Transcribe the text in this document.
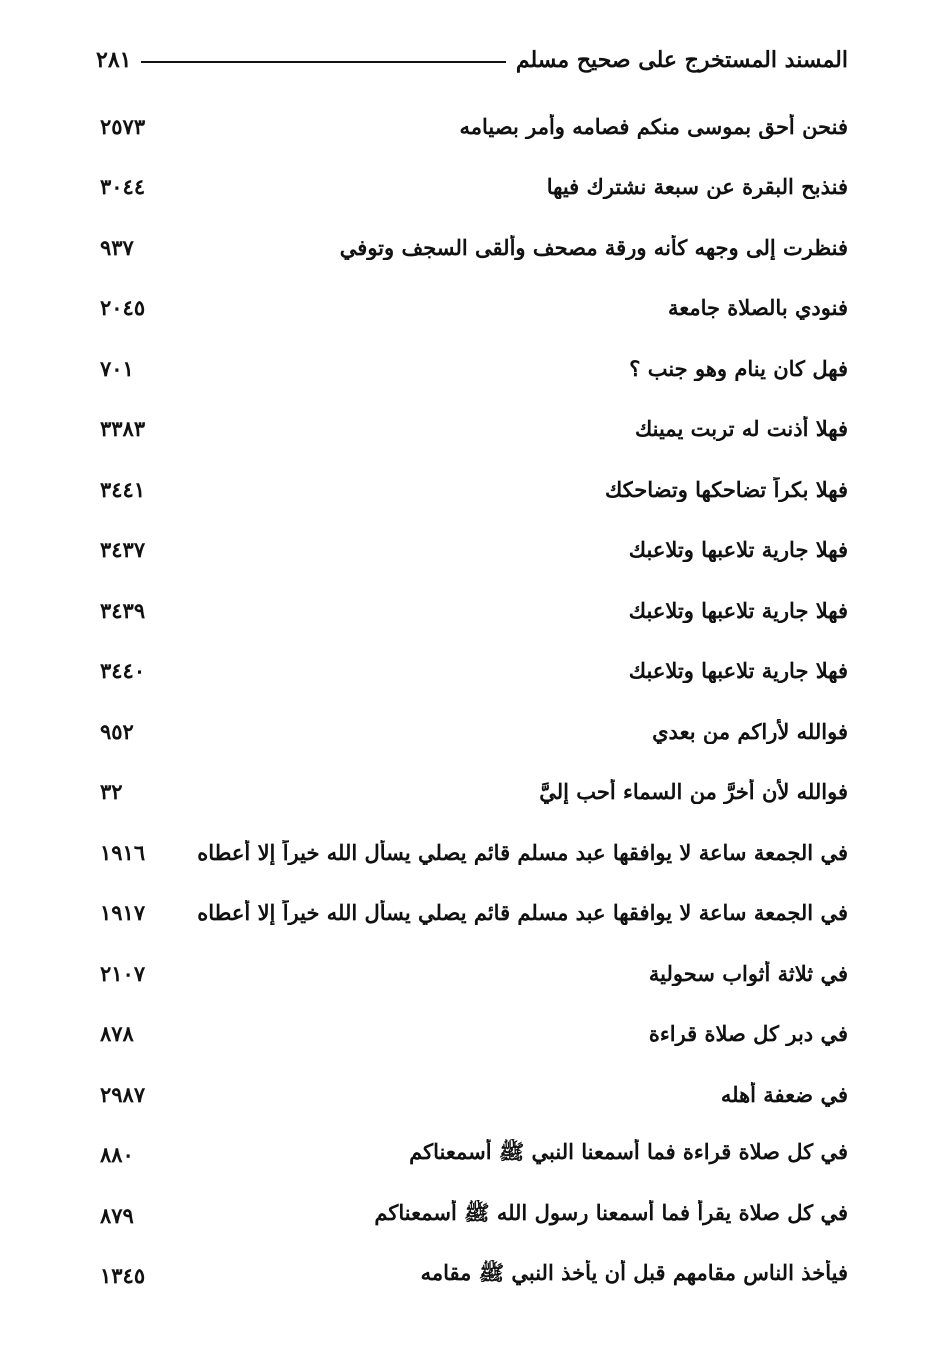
٢٨١	المسند المستخرج على صحيح مسلم
٢٥٧٣	فنحن أحق بموسى منكم فصامه وأمر بصيامه
٣٠٤٤	فنذبح البقرة عن سبعة نشترك فيها
٩٣٧	فنظرت إلى وجهه كأنه ورقة مصحف وألقى السجف وتوفي
٢٠٤٥	فنودي بالصلاة جامعة
٧٠١	فهل كان ينام وهو جنب ؟
٣٣٨٣	فهلا أذنت له تربت يمينك
٣٤٤١	فهلا بكراً تضاحكها وتضاحكك
٣٤٣٧	فهلا جارية تلاعبها وتلاعبك
٣٤٣٩	فهلا جارية تلاعبها وتلاعبك
٣٤٤٠	فهلا جارية تلاعبها وتلاعبك
٩٥٢	فوالله لأراكم من بعدي
٣٢	فوالله لأن أخرَّ من السماء أحب إليَّ
١٩١٦	في الجمعة ساعة لا يوافقها عبد مسلم قائم يصلي يسأل الله خيراً إلا أعطاه
١٩١٧	في الجمعة ساعة لا يوافقها عبد مسلم قائم يصلي يسأل الله خيراً إلا أعطاه
٢١٠٧	في ثلاثة أثواب سحولية
٨٧٨	في دبر كل صلاة قراءة
٢٩٨٧	في ضعفة أهله
٨٨٠	في كل صلاة قراءة فما أسمعنا النبي ﷺ أسمعناكم
٨٧٩	في كل صلاة يقرأ فما أسمعنا رسول الله ﷺ أسمعناكم
١٣٤٥	فيأخذ الناس مقامهم قبل أن يأخذ النبي ﷺ مقامه
